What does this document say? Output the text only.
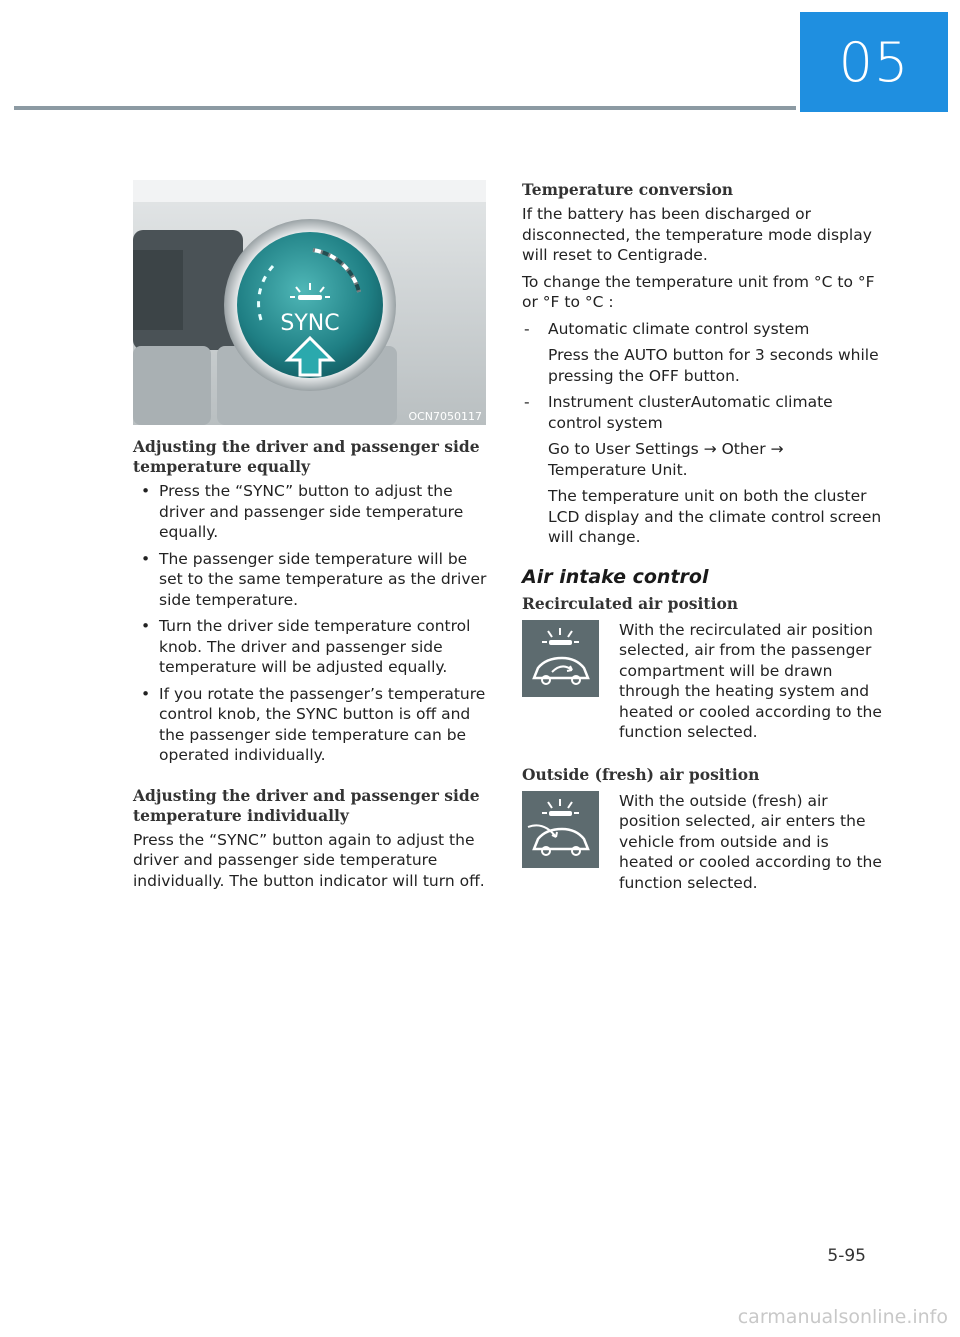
05
SYNC
OCN7050117
Adjusting the driver and passenger side temperature equally
• Press the “SYNC” button to adjust the driver and passenger side temperature equally.
• The passenger side temperature will be set to the same temperature as the driver side temperature.
• Turn the driver side temperature control knob. The driver and passenger side temperature will be adjusted equally.
• If you rotate the passenger’s temperature control knob, the SYNC button is off and the passenger side temperature can be operated individually.
Adjusting the driver and passenger side temperature individually

Press the “SYNC” button again to adjust the driver and passenger side temperature individually. The button indicator will turn off.

Temperature conversion

If the battery has been discharged or disconnected, the temperature mode display will reset to Centigrade.

To change the temperature unit from °C to °F or °F to °C :

- Automatic climate control system

Press the AUTO button for 3 seconds while pressing the OFF button.

- Instrument clusterAutomatic climate control system

Go to User Settings → Other → Temperature Unit.

The temperature unit on both the cluster LCD display and the climate control screen will change.

Air intake control
Recirculated air position

With the recirculated air position selected, air from the passenger compartment will be drawn through the heating system and heated or cooled according to the function selected.

Outside (fresh) air position

With the outside (fresh) air position selected, air enters the vehicle from outside and is heated or cooled according to the function selected.

5-95
carmanualsonline.info
